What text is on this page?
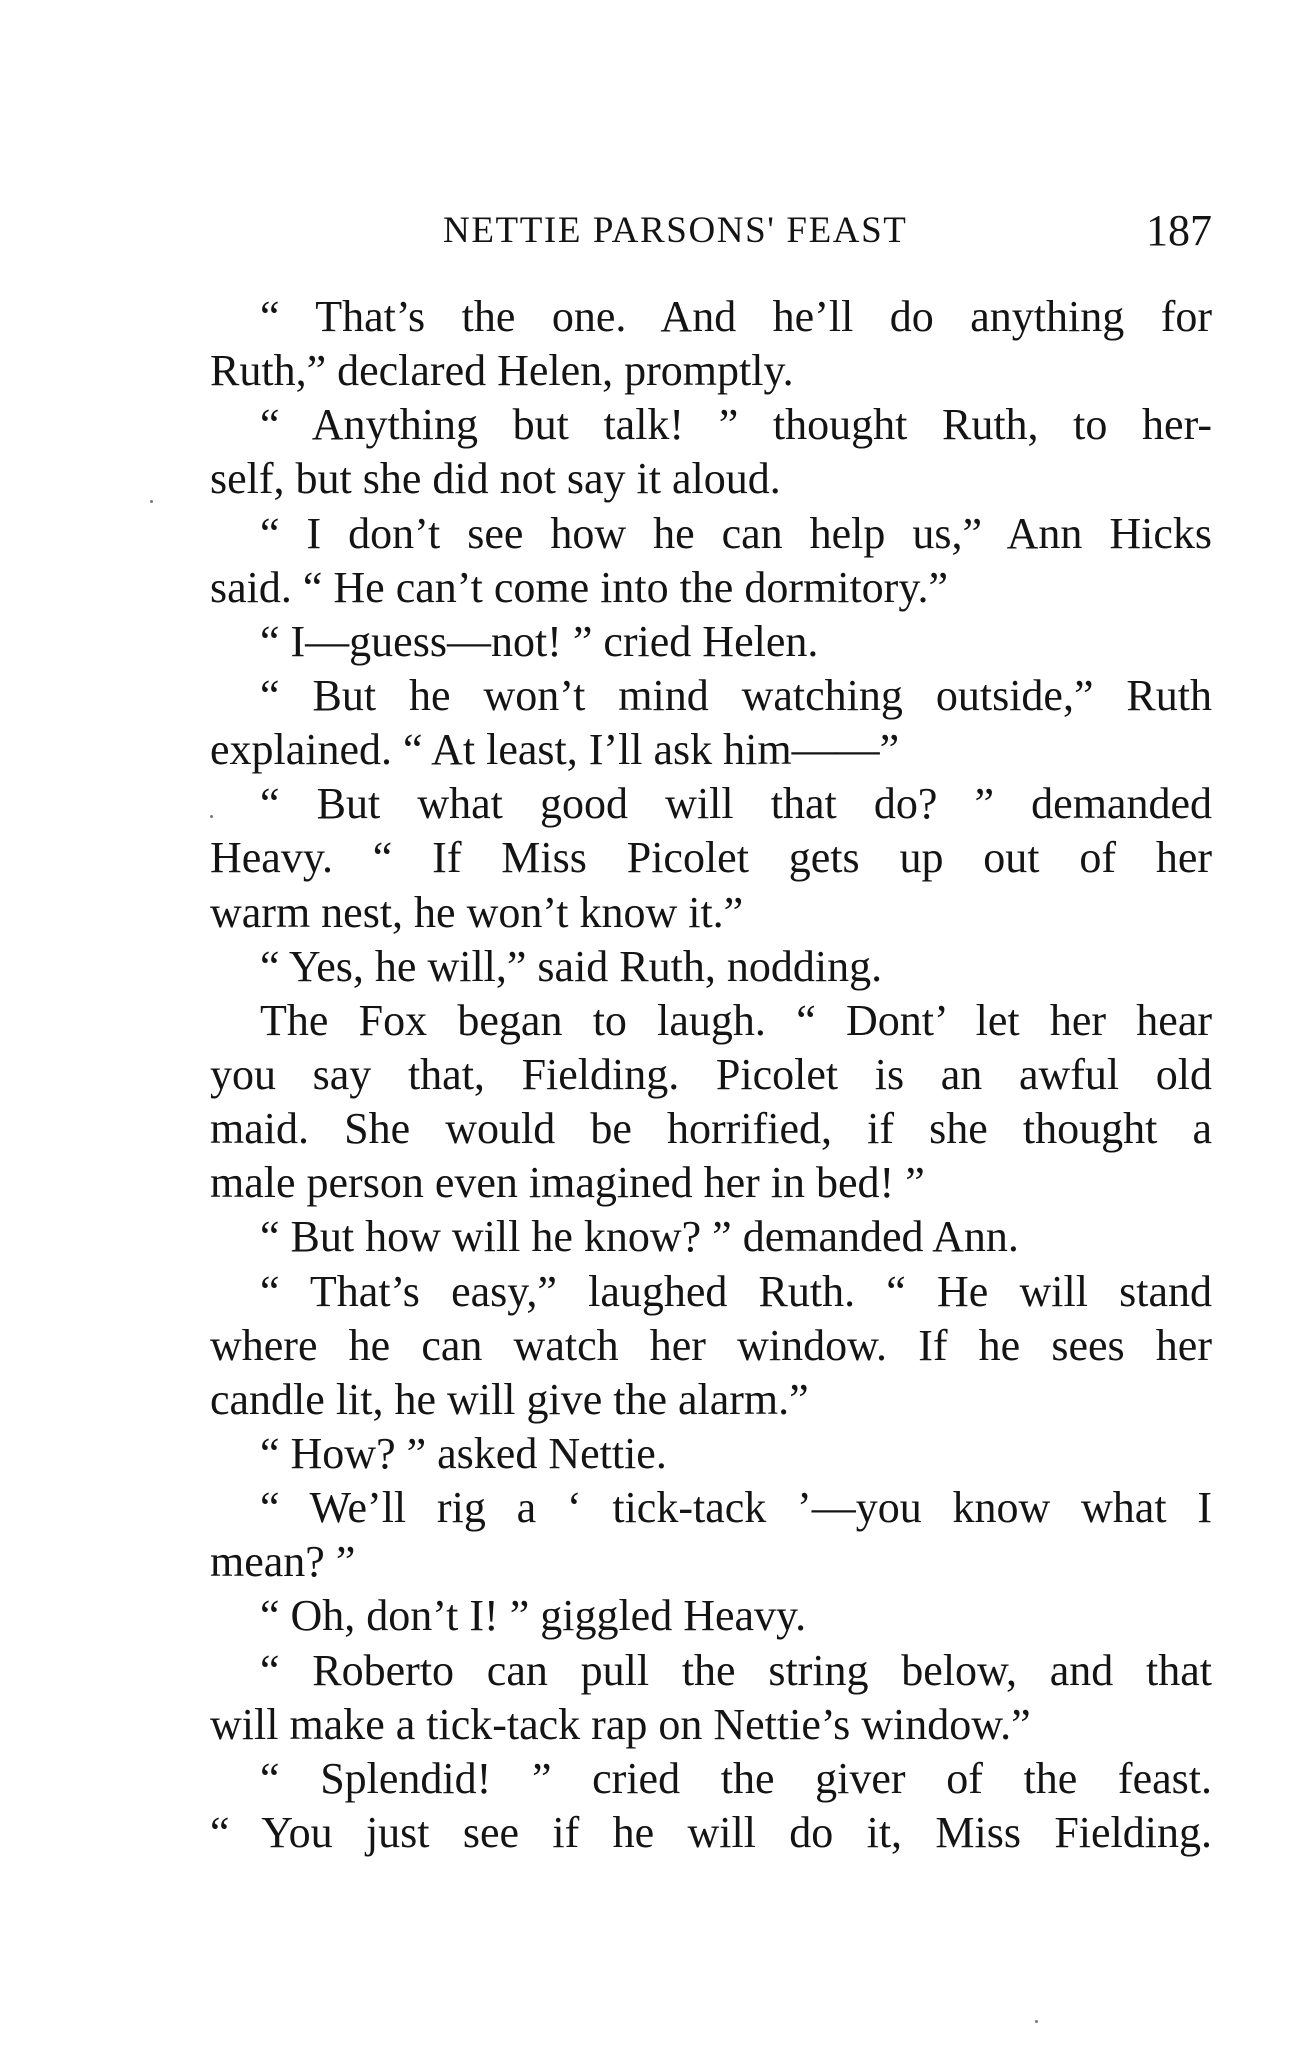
NETTIE PARSONS' FEAST	187
“ That’s the one. And he’ll do anything for
Ruth,” declared Helen, promptly.
“ Anything but talk! ” thought Ruth, to her-
self, but she did not say it aloud.
“ I don’t see how he can help us,” Ann Hicks
said. “ He can’t come into the dormitory.”
“ I—guess—not! ” cried Helen.
“ But he won’t mind watching outside,” Ruth
explained. “ At least, I’ll ask him——”
“ But what good will that do? ” demanded
Heavy. “ If Miss Picolet gets up out of her
warm nest, he won’t know it.”
“ Yes, he will,” said Ruth, nodding.
The Fox began to laugh. “ Dont’ let her hear
you say that, Fielding. Picolet is an awful old
maid. She would be horrified, if she thought a
male person even imagined her in bed! ”
“ But how will he know? ” demanded Ann.
“ That’s easy,” laughed Ruth. “ He will stand
where he can watch her window. If he sees her
candle lit, he will give the alarm.”
“ How? ” asked Nettie.
“ We’ll rig a ‘ tick-tack ’—you know what I
mean? ”
“ Oh, don’t I! ” giggled Heavy.
“ Roberto can pull the string below, and that
will make a tick-tack rap on Nettie’s window.”
“ Splendid! ” cried the giver of the feast.
“ You just see if he will do it, Miss Fielding.
